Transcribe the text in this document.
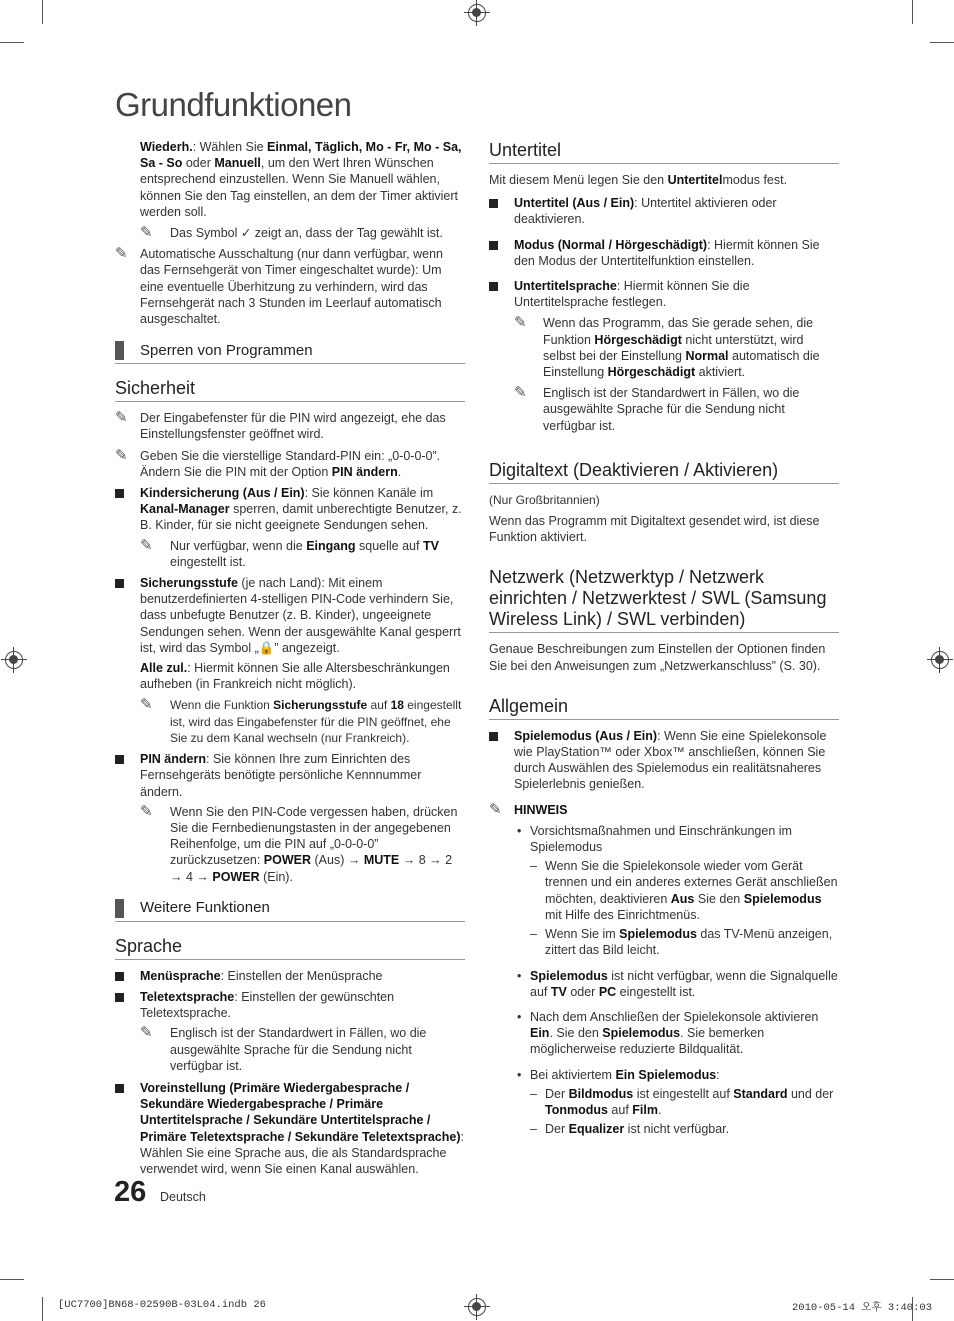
Grundfunktionen

Wiederh.: Wählen Sie Einmal, Täglich, Mo - Fr, Mo - Sa, Sa - So oder Manuell, um den Wert Ihren Wünschen entsprechend einzustellen. Wenn Sie Manuell wählen, können Sie den Tag einstellen, an dem der Timer aktiviert werden soll.

✎ Das Symbol ✓ zeigt an, dass der Tag gewählt ist.
✎ Automatische Ausschaltung (nur dann verfügbar, wenn das Fernsehgerät von Timer eingeschaltet wurde): Um eine eventuelle Überhitzung zu verhindern, wird das Fernsehgerät nach 3 Stunden im Leerlauf automatisch ausgeschaltet.
Sperren von Programmen
Sicherheit
✎ Der Eingabefenster für die PIN wird angezeigt, ehe das Einstellungsfenster geöffnet wird.
✎ Geben Sie die vierstellige Standard-PIN ein: „0-0-0-0”. Ändern Sie die PIN mit der Option PIN ändern.
Kindersicherung (Aus / Ein): Sie können Kanäle im Kanal-Manager sperren, damit unberechtigte Benutzer, z. B. Kinder, für sie nicht geeignete Sendungen sehen.
✎ Nur verfügbar, wenn die Eingang squelle auf TV eingestellt ist.
Sicherungsstufe (je nach Land): Mit einem benutzerdefinierten 4-stelligen PIN-Code verhindern Sie, dass unbefugte Benutzer (z. B. Kinder), ungeeignete Sendungen sehen. Wenn der ausgewählte Kanal gesperrt ist, wird das Symbol „🔒” angezeigt.

Alle zul.: Hiermit können Sie alle Altersbeschränkungen aufheben (in Frankreich nicht möglich).

✎ Wenn die Funktion Sicherungsstufe auf 18 eingestellt ist, wird das Eingabefenster für die PIN geöffnet, ehe Sie zu dem Kanal wechseln (nur Frankreich).
PIN ändern: Sie können Ihre zum Einrichten des Fernsehgeräts benötigte persönliche Kennnummer ändern.
✎ Wenn Sie den PIN-Code vergessen haben, drücken Sie die Fernbedienungstasten in der angegebenen Reihenfolge, um die PIN auf „0-0-0-0” zurückzusetzen: POWER (Aus) → MUTE → 8 → 2 → 4 → POWER (Ein).
Weitere Funktionen
Sprache
Menüsprache: Einstellen der Menüsprache
Teletextsprache: Einstellen der gewünschten Teletextsprache.
✎ Englisch ist der Standardwert in Fällen, wo die ausgewählte Sprache für die Sendung nicht verfügbar ist.
Voreinstellung (Primäre Wiedergabesprache / Sekundäre Wiedergabesprache / Primäre Untertitelsprache / Sekundäre Untertitelsprache / Primäre Teletextsprache / Sekundäre Teletextsprache): Wählen Sie eine Sprache aus, die als Standardsprache verwendet wird, wenn Sie einen Kanal auswählen.
Untertitel

Mit diesem Menü legen Sie den Untertitelmodus fest.

Untertitel (Aus / Ein): Untertitel aktivieren oder deaktivieren.
Modus (Normal / Hörgeschädigt): Hiermit können Sie den Modus der Untertitelfunktion einstellen.
Untertitelsprache: Hiermit können Sie die Untertitelsprache festlegen.
✎ Wenn das Programm, das Sie gerade sehen, die Funktion Hörgeschädigt nicht unterstützt, wird selbst bei der Einstellung Normal automatisch die Einstellung Hörgeschädigt aktiviert.
✎ Englisch ist der Standardwert in Fällen, wo die ausgewählte Sprache für die Sendung nicht verfügbar ist.
Digitaltext (Deaktivieren / Aktivieren)

(Nur Großbritannien)

Wenn das Programm mit Digitaltext gesendet wird, ist diese Funktion aktiviert.

Netzwerk (Netzwerktyp / Netzwerk einrichten / Netzwerktest / SWL (Samsung Wireless Link) / SWL verbinden)

Genaue Beschreibungen zum Einstellen der Optionen finden Sie bei den Anweisungen zum „Netzwerkanschluss” (S. 30).

Allgemein
Spielemodus (Aus / Ein): Wenn Sie eine Spielekonsole wie PlayStation™ oder Xbox™ anschließen, können Sie durch Auswählen des Spielemodus ein realitätsnaheres Spielerlebnis genießen.
✎ HINWEIS
• Vorsichtsmaßnahmen und Einschränkungen im Spielemodus
– Wenn Sie die Spielekonsole wieder vom Gerät trennen und ein anderes externes Gerät anschließen möchten, deaktivieren Aus Sie den Spielemodus mit Hilfe des Einrichtmenüs.
– Wenn Sie im Spielemodus das TV-Menü anzeigen, zittert das Bild leicht.
• Spielemodus ist nicht verfügbar, wenn die Signalquelle auf TV oder PC eingestellt ist.
• Nach dem Anschließen der Spielekonsole aktivieren Ein. Sie den Spielemodus. Sie bemerken möglicherweise reduzierte Bildqualität.
• Bei aktiviertem Ein Spielemodus:
– Der Bildmodus ist eingestellt auf Standard und der Tonmodus auf Film.
– Der Equalizer ist nicht verfügbar.
26 Deutsch
[UC7700]BN68-02590B-03L04.indb 26	2010-05-14 오후 3:40:03
